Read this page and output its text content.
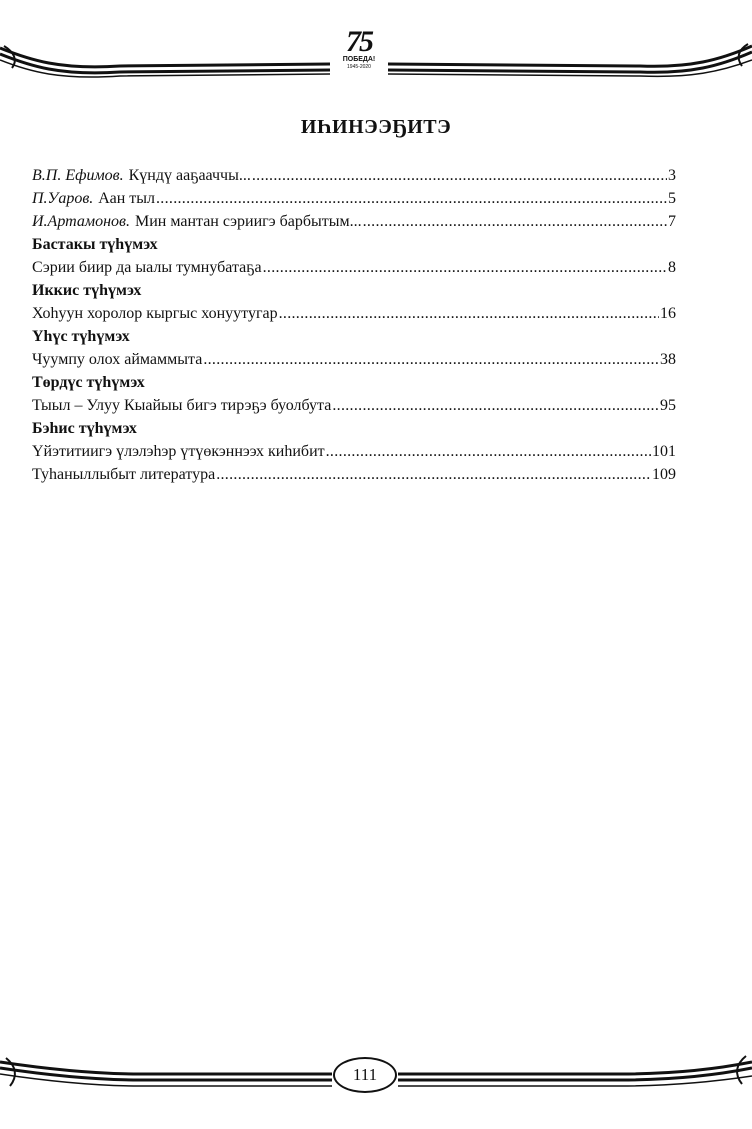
75
ПОБЕДА!
1945-2020
ИҺИНЭЭҔИТЭ
В.П. Ефимов. Күндү ааҕааччы... .....	3
П.Уаров. Аан тыл .....	5
И.Артамонов. Мин мантан сэриигэ барбытым... .....	7
Бастакы түһүмэх
Сэрии биир да ыалы тумнубатаҕа .....	8
Иккис түһүмэх
Хоһуун хоролор кыргыс хонуутугар .....	16
Үһүс түһүмэх
Чуумпу олох аймаммыта .....	38
Төрдүс түһүмэх
Тыыл – Улуу Кыайыы бигэ тирэҕэ буолбута .....	95
Бэһис түһүмэх
Үйэтитиигэ үлэлэһэр үтүөкэннээх киһибит .....	101
Туһаныллыбыт литература .....	109
111
